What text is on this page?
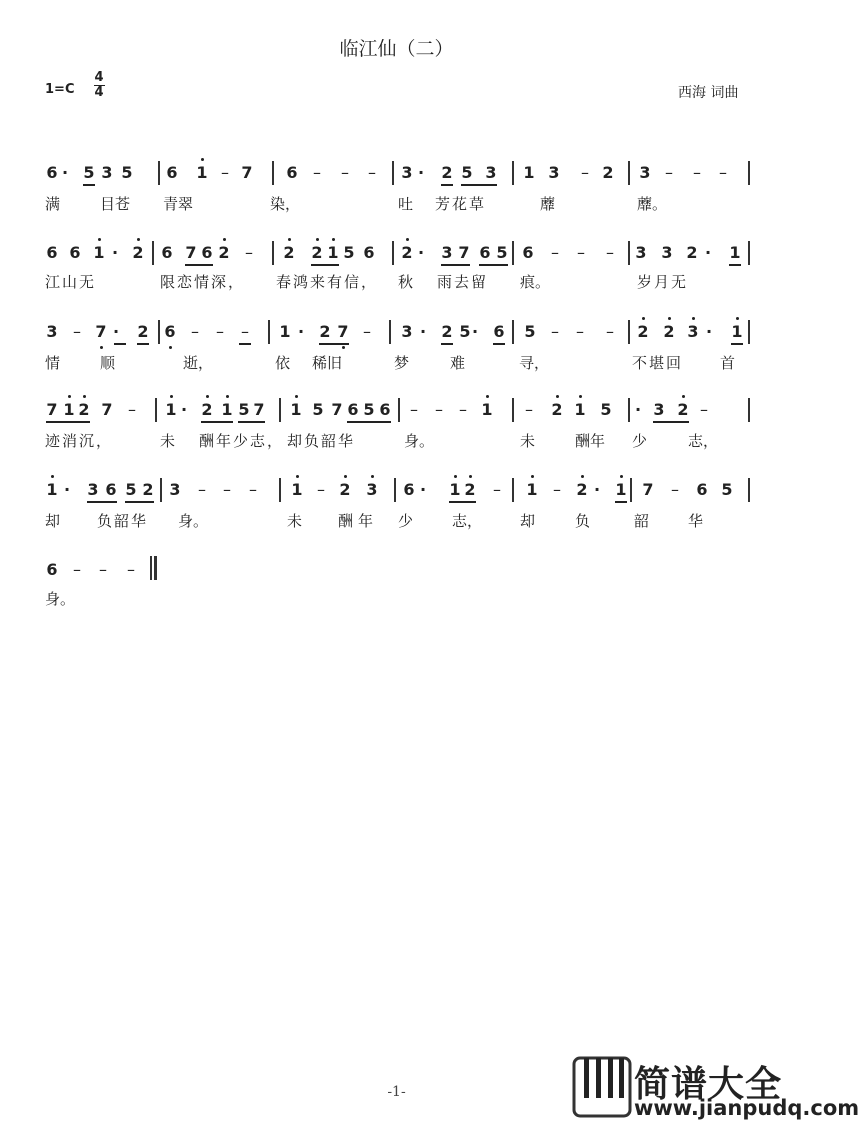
临江仙（二）
1=C
4
4	西海 词曲
6 · 5 3 5 6 1 – 7 6 – – – 3 · 2 5 3 1 3 – 2 3 – – –
满	目苍 青翠	染，	吐 芳花草	蘼	蘼。
6 6 1 · 2 6 7 6 2 – 2 2 1 5 6 2 · 3 7 6 5 6 – – – 3 3 2 · 1
江山无	限恋情深， 春鸿来有信， 秋 雨去留 痕。	岁月无
3 – 7 · 2 6 – – – 1 · 2 7 – 3 · 2 5 · 6 5 – – – 2 2 3 · 1
情	顺	逝，	依 稀旧	梦	难	寻，	不堪回 首
7 1 2 7 – 1 · 2 1 5 7 1 5 7 6 5 6 – – – 1 – 2 1 5 · 3 2 –
迹消沉，	未 酬年少志， 却负韶华	身。	未	酬年 少	志，
1 · 3 6 5 2 3 – – – 1 – 2 3 6 · 1 2 – 1 – 2 · 1 7 – 6 5
却 负韶华 身。	未 酬 年 少	志，	却	负	韶	华
6 – – –
身。
简谱大全
www.jianpudq.com
-1-
